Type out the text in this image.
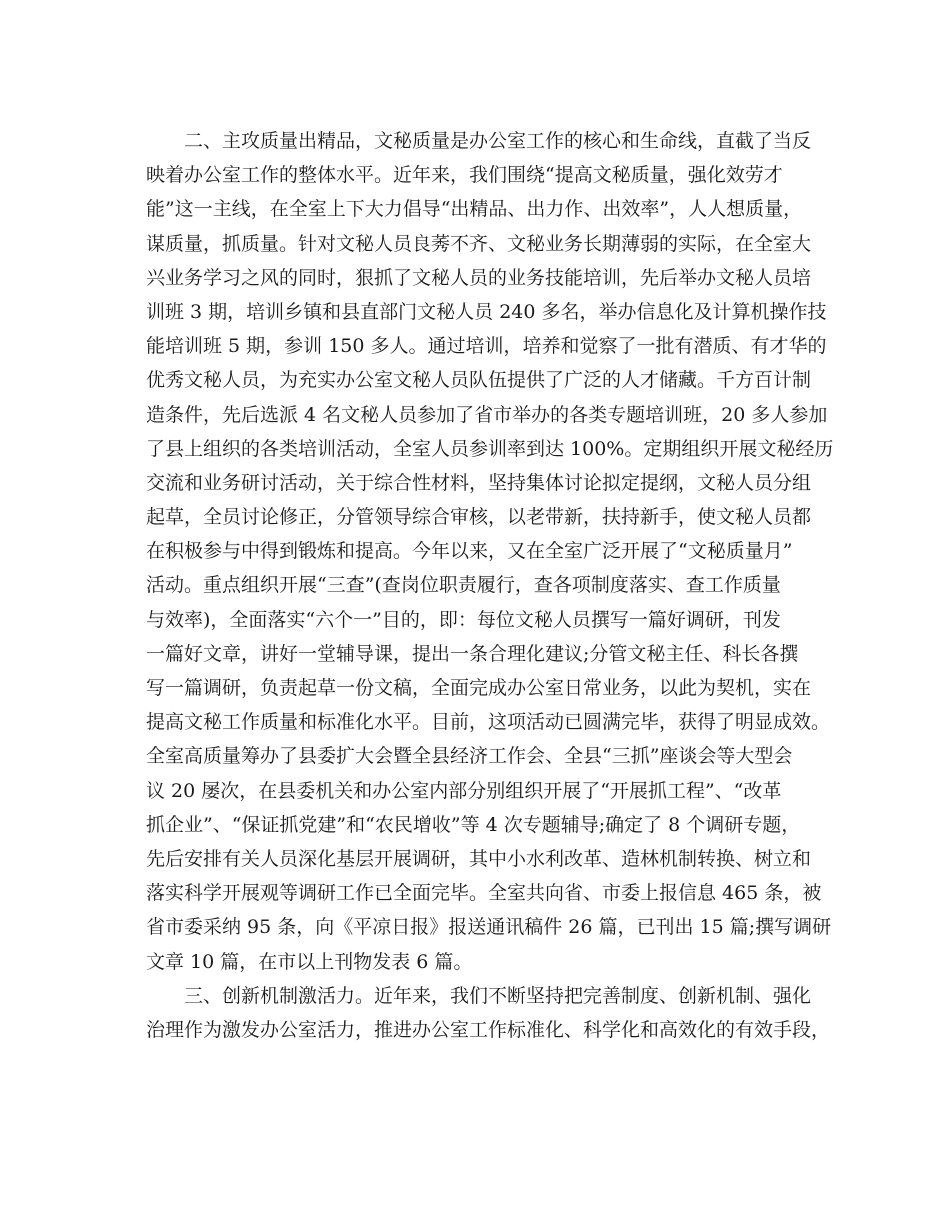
二、主攻质量出精品，文秘质量是办公室工作的核心和生命线，直截了当反
映着办公室工作的整体水平。近年来，我们围绕“提高文秘质量，强化效劳才
能”这一主线，在全室上下大力倡导“出精品、出力作、出效率”，人人想质量，
谋质量，抓质量。针对文秘人员良莠不齐、文秘业务长期薄弱的实际，在全室大
兴业务学习之风的同时，狠抓了文秘人员的业务技能培训，先后举办文秘人员培
训班 3 期，培训乡镇和县直部门文秘人员 240 多名，举办信息化及计算机操作技
能培训班 5 期，参训 150 多人。通过培训，培养和觉察了一批有潜质、有才华的
优秀文秘人员，为充实办公室文秘人员队伍提供了广泛的人才储藏。千方百计制
造条件，先后选派 4 名文秘人员参加了省市举办的各类专题培训班，20 多人参加
了县上组织的各类培训活动，全室人员参训率到达 100%。定期组织开展文秘经历
交流和业务研讨活动，关于综合性材料，坚持集体讨论拟定提纲，文秘人员分组
起草，全员讨论修正，分管领导综合审核，以老带新，扶持新手，使文秘人员都
在积极参与中得到锻炼和提高。今年以来，又在全室广泛开展了“文秘质量月”
活动。重点组织开展“三查”(查岗位职责履行，查各项制度落实、查工作质量
与效率)，全面落实“六个一”目的，即：每位文秘人员撰写一篇好调研，刊发
一篇好文章，讲好一堂辅导课，提出一条合理化建议;分管文秘主任、科长各撰
写一篇调研，负责起草一份文稿，全面完成办公室日常业务，以此为契机，实在
提高文秘工作质量和标准化水平。目前，这项活动已圆满完毕，获得了明显成效。
全室高质量筹办了县委扩大会暨全县经济工作会、全县“三抓”座谈会等大型会
议 20 屡次，在县委机关和办公室内部分别组织开展了“开展抓工程”、“改革
抓企业”、“保证抓党建”和“农民增收”等 4 次专题辅导;确定了 8 个调研专题，
先后安排有关人员深化基层开展调研，其中小水利改革、造林机制转换、树立和
落实科学开展观等调研工作已全面完毕。全室共向省、市委上报信息 465 条，被
省市委采纳 95 条，向《平凉日报》报送通讯稿件 26 篇，已刊出 15 篇;撰写调研
文章 10 篇，在市以上刊物发表 6 篇。
三、创新机制激活力。近年来，我们不断坚持把完善制度、创新机制、强化
治理作为激发办公室活力，推进办公室工作标准化、科学化和高效化的有效手段，
